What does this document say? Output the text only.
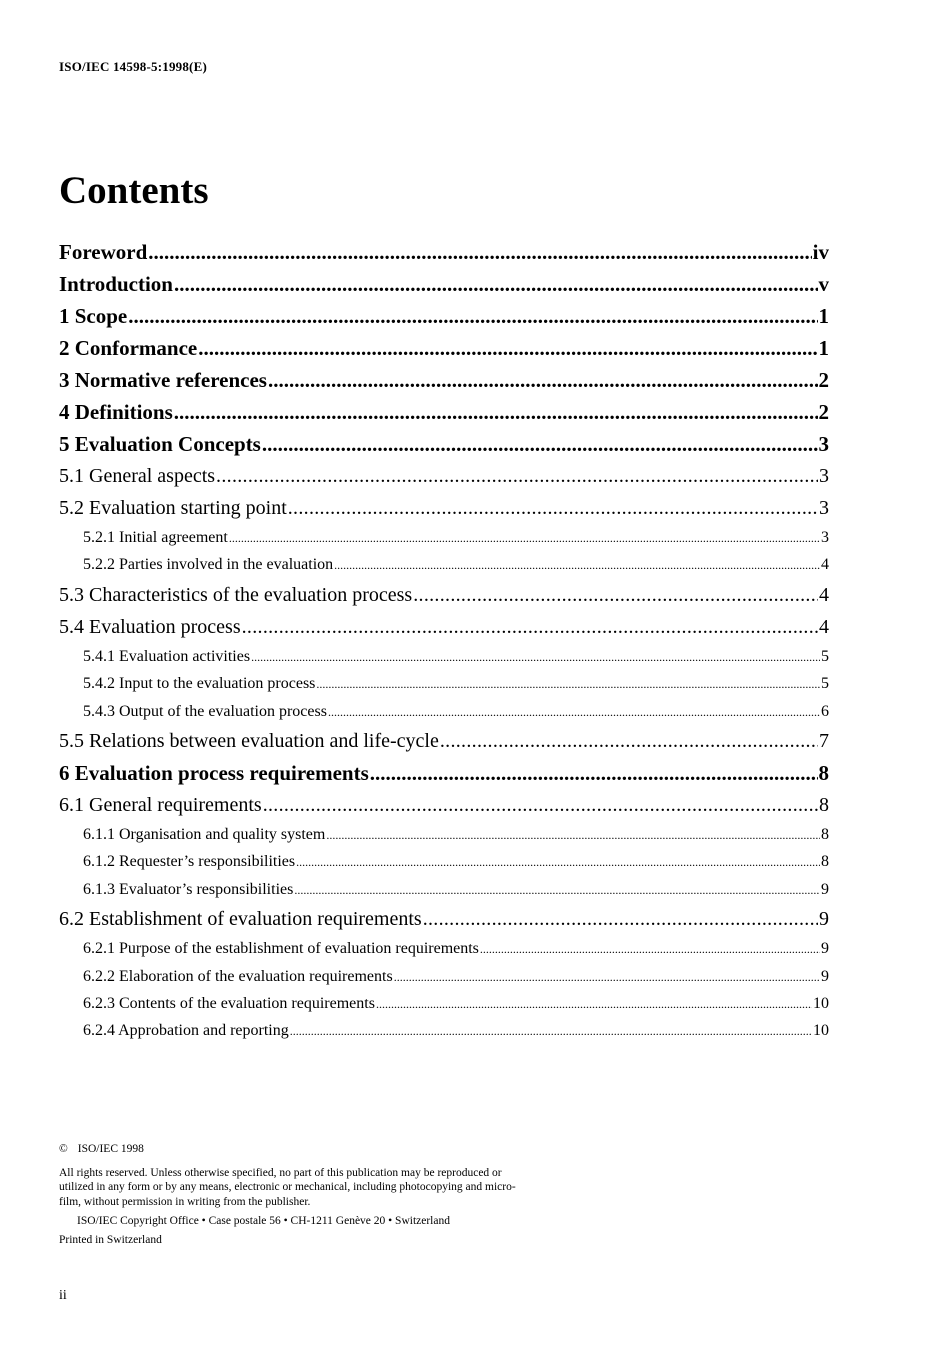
ISO/IEC 14598-5:1998(E)
Contents
Foreword .....	iv
Introduction .....	v
1 Scope .....	1
2 Conformance .....	1
3 Normative references .....	2
4 Definitions .....	2
5 Evaluation Concepts .....	3
5.1 General aspects .....	3
5.2 Evaluation starting point .....	3
5.2.1 Initial agreement .....	3
5.2.2 Parties involved in the evaluation .....	4
5.3 Characteristics of the evaluation process .....	4
5.4 Evaluation process .....	4
5.4.1 Evaluation activities .....	5
5.4.2 Input to the evaluation process .....	5
5.4.3 Output of the evaluation process .....	6
5.5 Relations between evaluation and life-cycle .....	7
6 Evaluation process requirements .....	8
6.1 General requirements .....	8
6.1.1 Organisation and quality system .....	8
6.1.2 Requester’s responsibilities .....	8
6.1.3 Evaluator’s responsibilities .....	9
6.2 Establishment of evaluation requirements .....	9
6.2.1 Purpose of the establishment of evaluation requirements .....	9
6.2.2 Elaboration of the evaluation requirements .....	9
6.2.3 Contents of the evaluation requirements .....	10
6.2.4 Approbation and reporting .....	10
© ISO/IEC 1998
All rights reserved. Unless otherwise specified, no part of this publication may be reproduced or
utilized in any form or by any means, electronic or mechanical, including photocopying and micro-
film, without permission in writing from the publisher.
ISO/IEC Copyright Office • Case postale 56 • CH-1211 Genève 20 • Switzerland
Printed in Switzerland
ii
